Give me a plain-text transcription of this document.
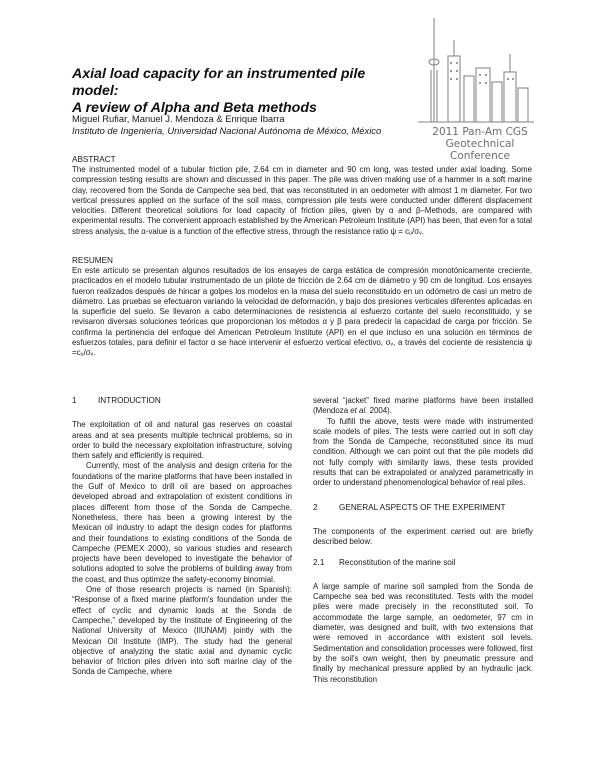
Axial load capacity for an instrumented pile model:
A review of Alpha and Beta methods
Miguel Rufiar, Manuel J. Mendoza & Enrique Ibarra
Instituto de Ingeniería, Universidad Nacional Autónoma de México, México	2011 Pan-Am CGS
Geotechnical Conference
ABSTRACT
The instrumented model of a tubular friction pile, 2.64 cm in diameter and 90 cm long, was tested under axial loading. Some compression testing results are shown and discussed in this paper. The pile was driven making use of a hammer in a soft marine clay, recovered from the Sonda de Campeche sea bed, that was reconstituted in an oedometer with almost 1 m diameter. For two vertical pressures applied on the surface of the soil mass, compression pile tests were conducted under different displacement velocities. Different theoretical solutions for load capacity of friction piles, given by α and β–Methods, are compared with experimental results. The convenient approach established by the American Petroleum Institute (API) has been, that even for a total stress analysis, the α-value is a function of the effective stress, through the resistance ratio ψ = cᵤ/σᵥ.
RESUMEN
En este artículo se presentan algunos resultados de los ensayes de carga estática de compresión monotónicamente creciente, practicados en el modelo tubular instrumentado de un pilote de fricción de 2.64 cm de diámetro y 90 cm de longitud. Los ensayes fueron realizados después de hincar a golpes los modelos en la masa del suelo reconstituido en un odómetro de casi un metro de diámetro. Las pruebas se efectuaron variando la velocidad de deformación, y bajo dos presiones verticales diferentes aplicadas en la superficie del suelo. Se llevaron a cabo determinaciones de resistencia al esfuerzo cortante del suelo reconstituido, y se revisaron diversas soluciones teóricas que proporcionan los métodos α y β para predecir la capacidad de carga por fricción. Se confirma la pertinencia del enfoque del American Petroleum Institute (API) en el que incluso en una solución en términos de esfuerzos totales, para definir el factor α se hace intervenir el esfuerzo vertical efectivo, σᵥ, a través del cociente de resistencia ψ =cᵤ/σᵥ.
1	INTRODUCTION

The exploitation of oil and natural gas reserves on coastal areas and at sea presents multiple technical problems, so in order to build the necessary exploitation infrastructure, solving them safely and efficiently is required.

Currently, most of the analysis and design criteria for the foundations of the marine platforms that have been installed in the Gulf of Mexico to drill oil are based on approaches developed abroad and extrapolation of existent conditions in places different from those of the Sonda de Campeche. Nonetheless, there has been a growing interest by the Mexican oil industry to adapt the design codes for platforms and their foundations to existing conditions of the Sonda de Campeche (PEMEX 2000), so various studies and research projects have been developed to investigate the behavior of solutions adopted to solve the problems of building away from the coast, and thus optimize the safety-economy binomial.

One of those research projects is named (in Spanish): “Response of a fixed marine platform's foundation under the effect of cyclic and dynamic loads at the Sonda de Campeche,” developed by the Institute of Engineering of the National University of Mexico (IIUNAM) jointly with the Mexican Oil Institute (IMP). The study had the general objective of analyzing the static axial and dynamic cyclic behavior of friction piles driven into soft marine clay of the Sonda de Campeche, where

several “jacket” fixed marine platforms have been installed (Mendoza et al. 2004).

To fulfill the above, tests were made with instrumented scale models of piles. The tests were carried out in soft clay from the Sonda de Campeche, reconstituted since its mud condition. Although we can point out that the pile models did not fully comply with similarity laws, these tests provided results that can be extrapolated or analyzed parametrically in order to understand phenomenological behavior of real piles.

2	GENERAL ASPECTS OF THE EXPERIMENT

The components of the experiment carried out are briefly described below:

2.1 Reconstitution of the marine soil

A large sample of marine soil sampled from the Sonda de Campeche sea bed was reconstituted. Tests with the model piles were made precisely in the reconstituted soil. To accommodate the large sample, an oedometer, 97 cm in diameter, was designed and built, with two extensions that were removed in accordance with existent soil levels. Sedimentation and consolidation processes were followed, first by the soil's own weight, then by pneumatic pressure and finally by mechanical pressure applied by an hydraulic jack. This reconstitution
